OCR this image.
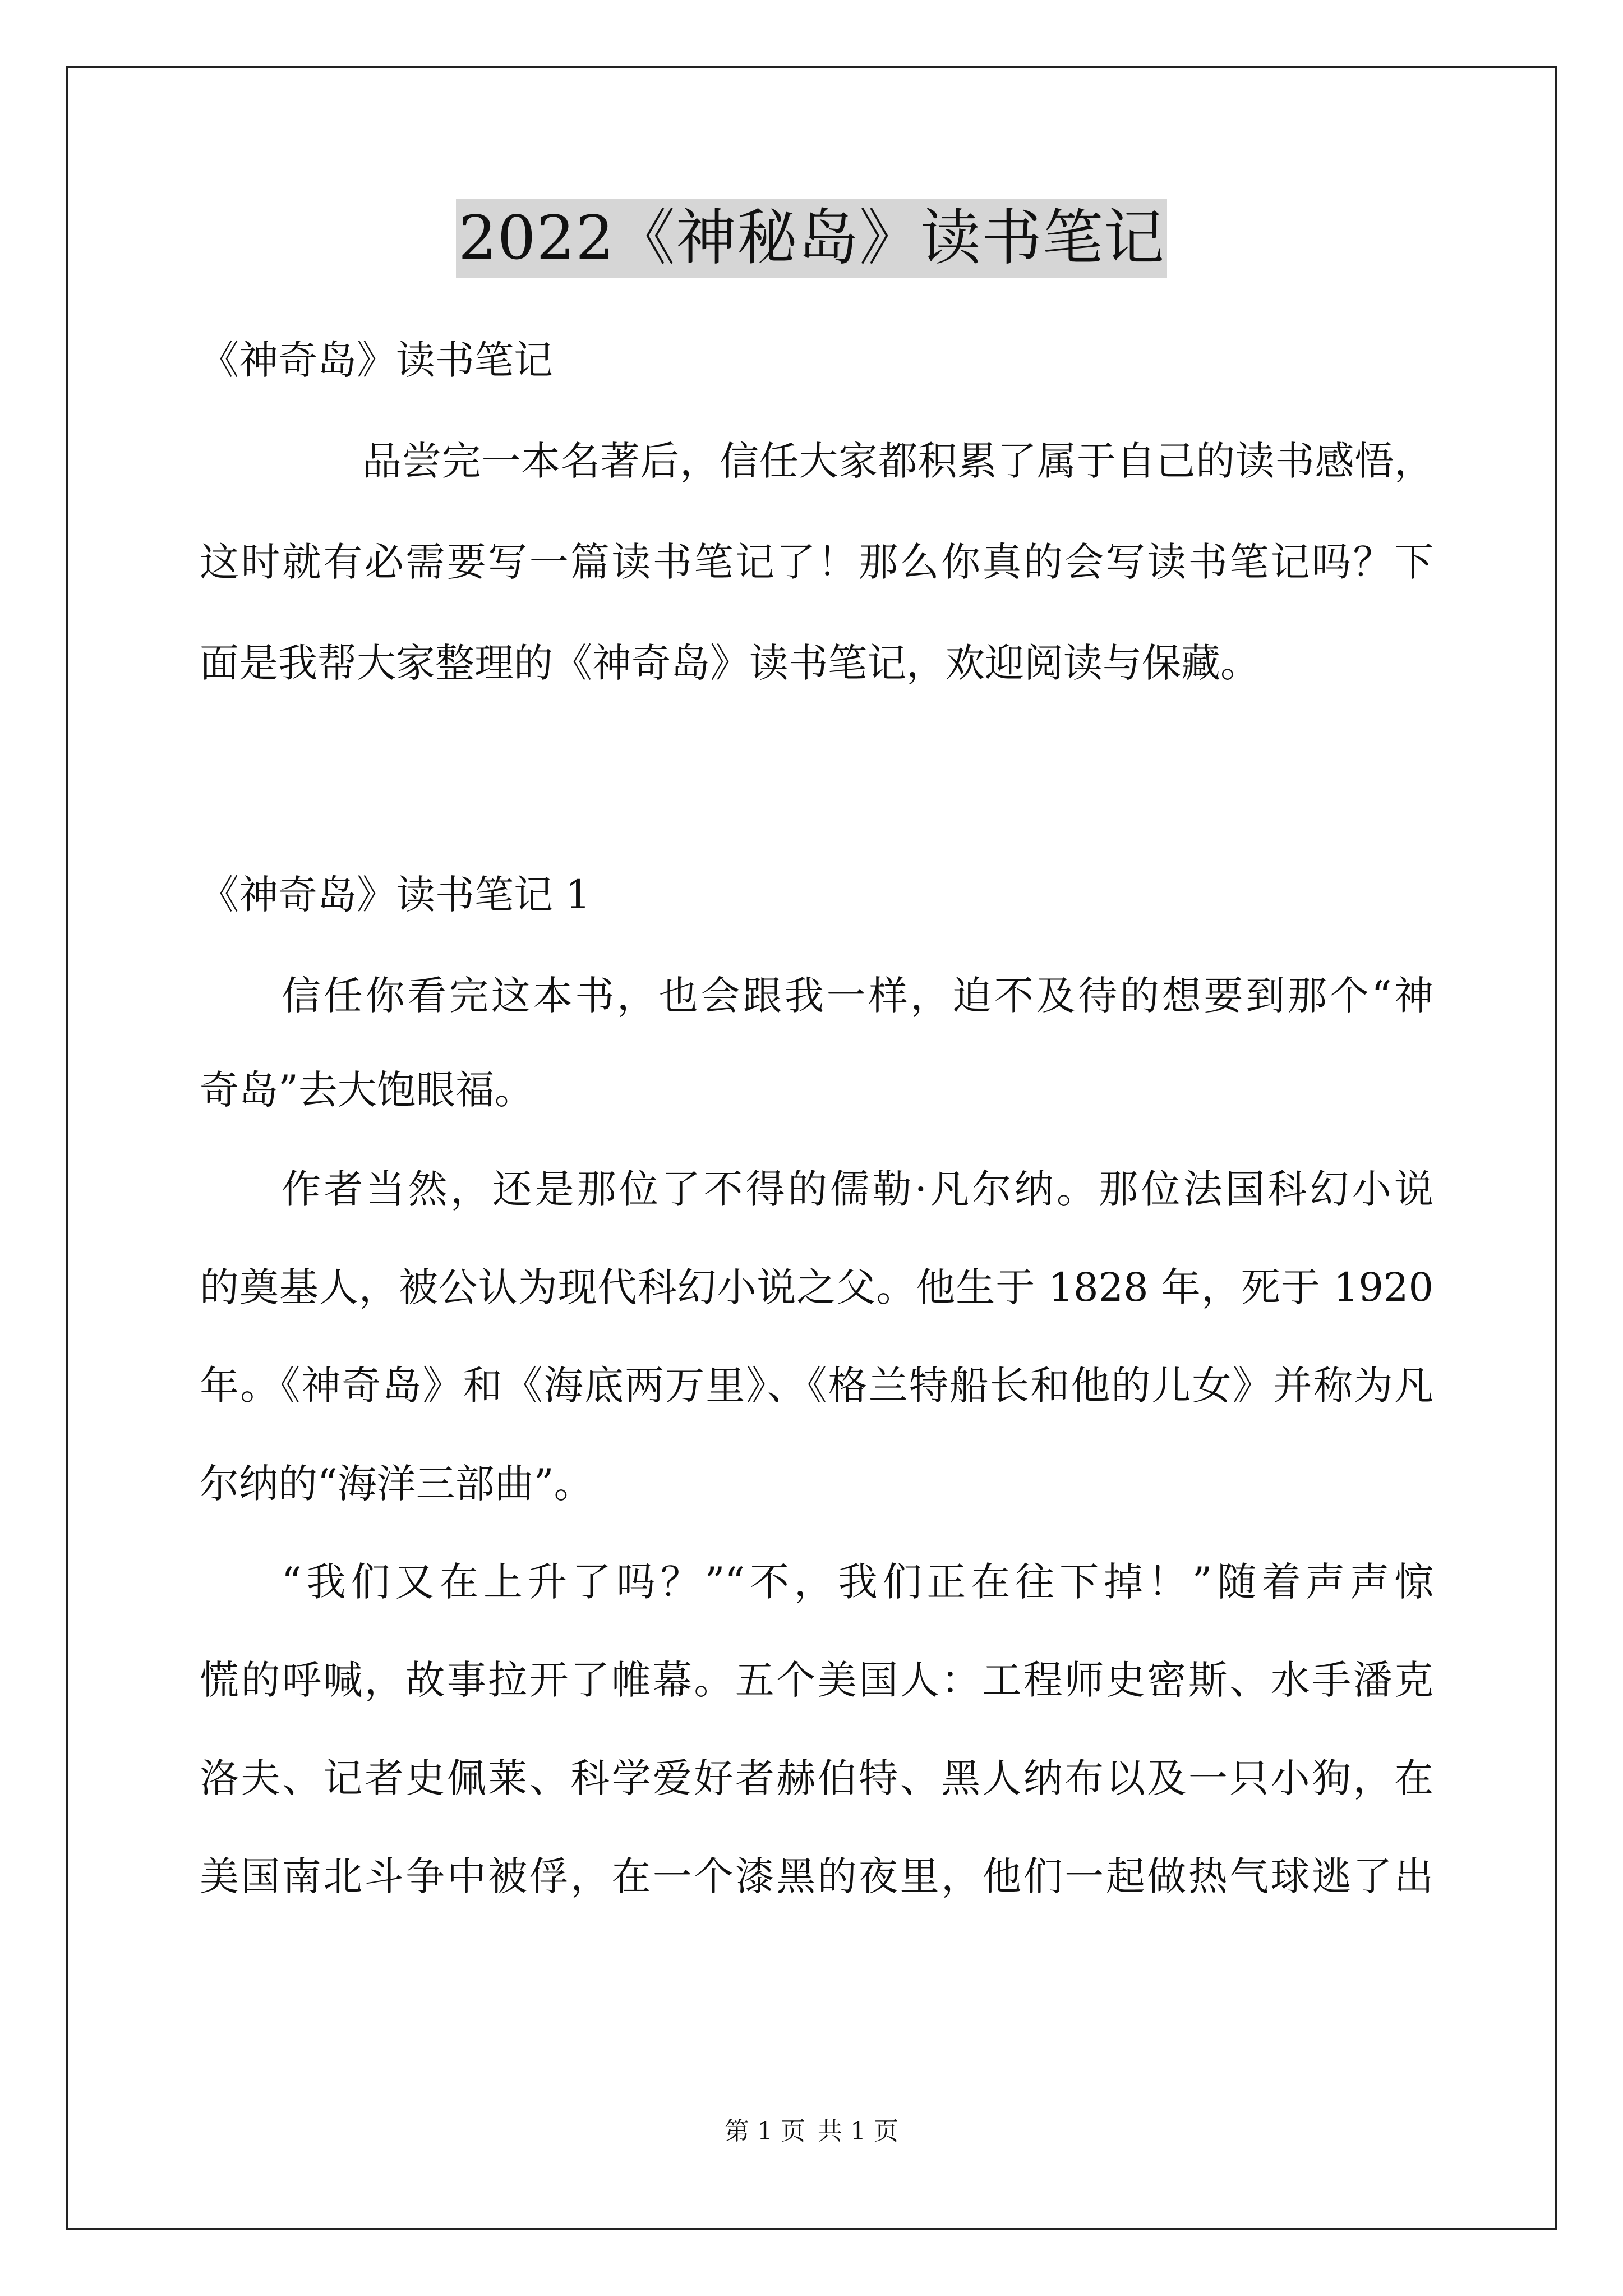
2022《神秘岛》读书笔记
《神奇岛》读书笔记
品尝完一本名著后，信任大家都积累了属于自己的读书感悟，
这时就有必需要写一篇读书笔记了！那么你真的会写读书笔记吗？下
面是我帮大家整理的《神奇岛》读书笔记，欢迎阅读与保藏。
《神奇岛》读书笔记 1
信任你看完这本书，也会跟我一样，迫不及待的想要到那个“神
奇岛”去大饱眼福。
作者当然，还是那位了不得的儒勒·凡尔纳。那位法国科幻小说
的奠基人，被公认为现代科幻小说之父。他生于 1828 年，死于 1920
年。《神奇岛》和《海底两万里》、《格兰特船长和他的儿女》并称为凡
尔纳的“海洋三部曲”。
“我们又在上升了吗？”“不，我们正在往下掉！”随着声声惊
慌的呼喊，故事拉开了帷幕。五个美国人：工程师史密斯、水手潘克
洛夫、记者史佩莱、科学爱好者赫伯特、黑人纳布以及一只小狗，在
美国南北斗争中被俘，在一个漆黑的夜里，他们一起做热气球逃了出
第 1 页 共 1 页
